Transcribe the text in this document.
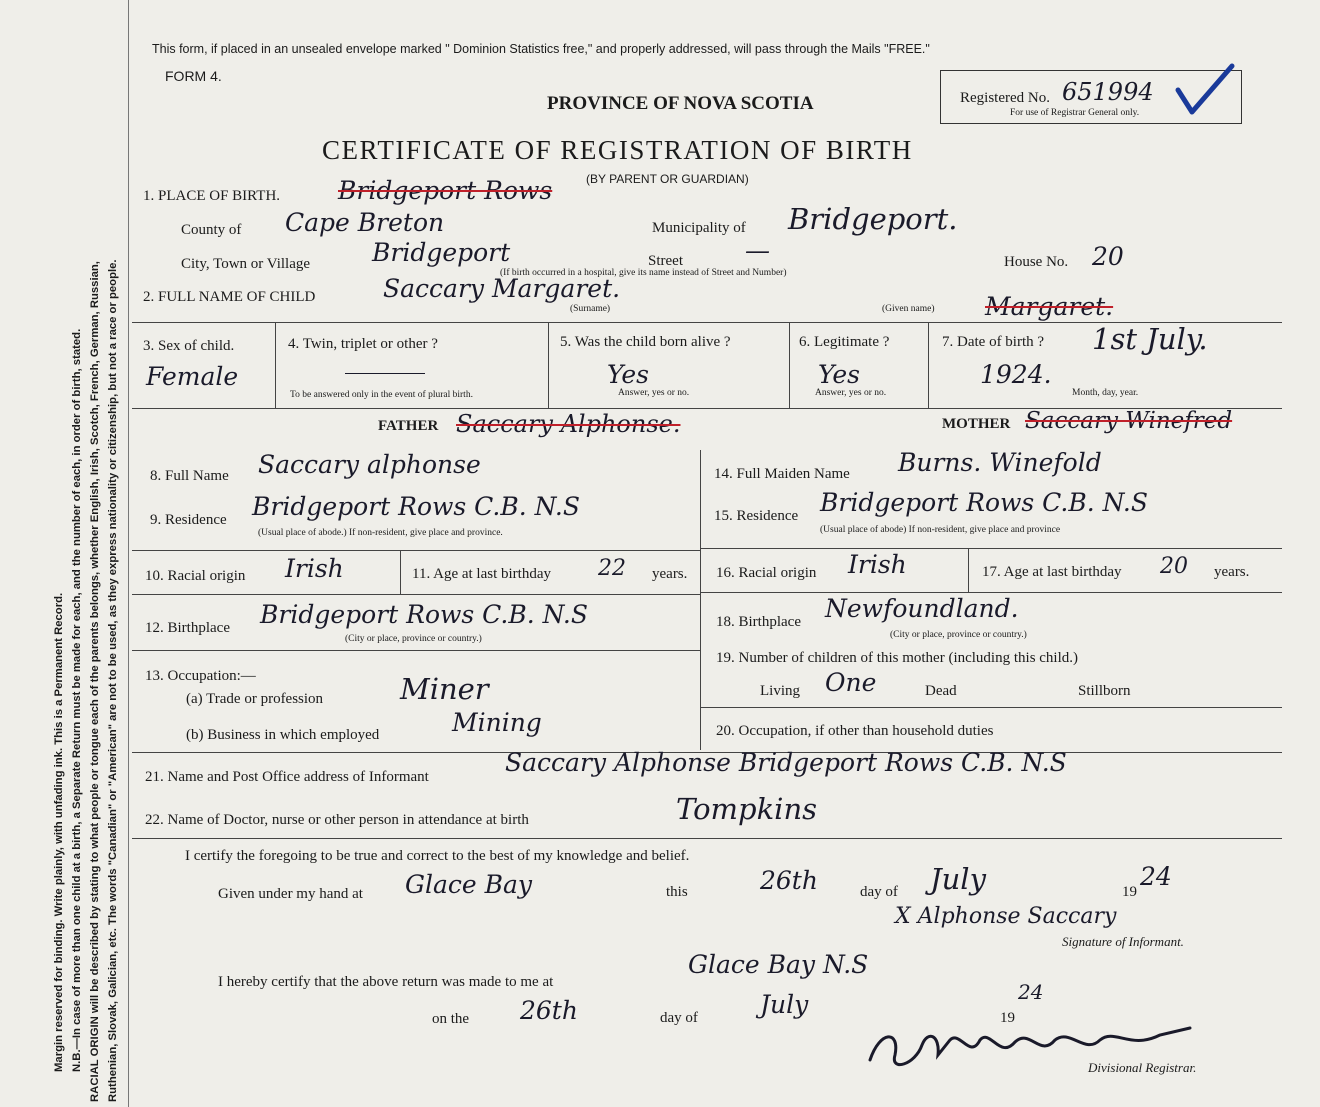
Margin reserved for binding. Write plainly, with unfading ink. This is a Permanent Record. N.B.—In case of more than one child at a birth, a Separate Return must be made for each, and the number of each, in order of birth, stated. RACIAL ORIGIN will be described by stating to what people or tongue each of the parents belongs, whether English, Irish, Scotch, French, German, Russian, Ruthenian, Slovak, Galician, etc. The words "Canadian" or "American" are not to be used, as they express nationality or citizenship, but not a race or people.
This form, if placed in an unsealed envelope marked " Dominion Statistics free," and properly addressed, will pass through the Mails "FREE."
FORM 4.
PROVINCE OF NOVA SCOTIA
CERTIFICATE OF REGISTRATION OF BIRTH
(BY PARENT OR GUARDIAN)
Registered No. 651994
For use of Registrar General only.
1. PLACE OF BIRTH. Bridgeport Rows
County of Cape Breton	Municipality of Bridgeport.
City, Town or Village Bridgeport	Street —
(If birth occurred in a hospital, give its name instead of Street and Number)
House No. 20
2. FULL NAME OF CHILD	Saccary Margaret.
(Surname)	(Given name) Margaret.
3. Sex of child.
Female
4. Twin, triplet or other ?
To be answered only in the event of plural birth.
5. Was the child born alive ?
Yes
Answer, yes or no.
6. Legitimate ?
Yes
Answer, yes or no.
7. Date of birth ? 1st July.
1924.
Month, day, year.
FATHER Saccary Alphonse.	MOTHER Saccary Winefred
8. Full Name Saccary alphonse
9. Residence Bridgeport Rows C.B. N.S
(Usual place of abode.) If non-resident, give place and province.
10. Racial origin Irish	11. Age at last birthday 22 years.
12. Birthplace Bridgeport Rows C.B. N.S
(City or place, province or country.)
13. Occupation:—
(a) Trade or profession	Miner
(b) Business in which employed	Mining
14. Full Maiden Name Burns. Winefold
15. Residence Bridgeport Rows C.B. N.S
(Usual place of abode) If non-resident, give place and province
16. Racial origin Irish	17. Age at last birthday 20 years.
18. Birthplace Newfoundland.
(City or place, province or country.)
19. Number of children of this mother (including this child.)
Living One	Dead	Stillborn
20. Occupation, if other than household duties
21. Name and Post Office address of Informant	Saccary Alphonse Bridgeport Rows C.B. N.S
22. Name of Doctor, nurse or other person in attendance at birth	Tompkins
I certify the foregoing to be true and correct to the best of my knowledge and belief.
Given under my hand at Glace Bay	this	26th	day of July	19
24
X Alphonse Saccary
Signature of Informant.
I hereby certify that the above return was made to me at
Glace Bay N.S
on the 26th	day of July	19
24
Divisional Registrar.
